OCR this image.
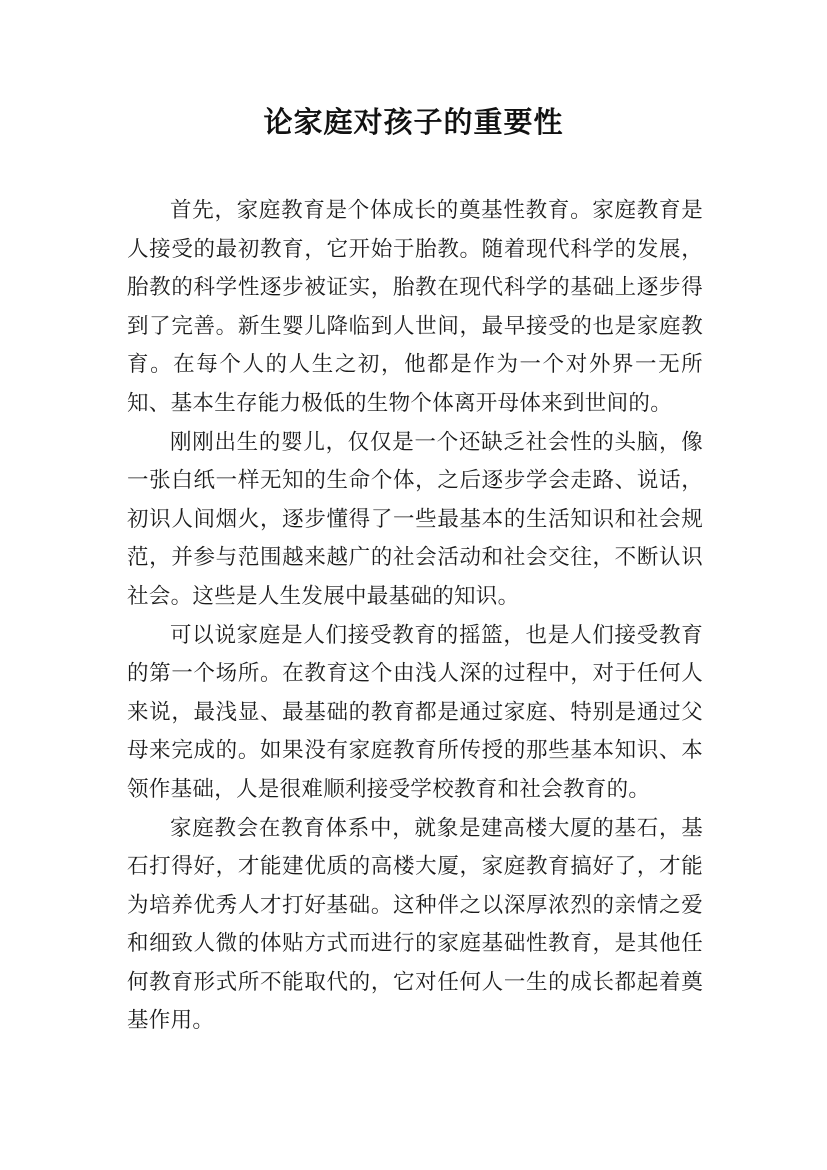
论家庭对孩子的重要性

首先，家庭教育是个体成长的奠基性教育。家庭教育是人接受的最初教育，它开始于胎教。随着现代科学的发展，胎教的科学性逐步被证实，胎教在现代科学的基础上逐步得到了完善。新生婴儿降临到人世间，最早接受的也是家庭教育。在每个人的人生之初，他都是作为一个对外界一无所知、基本生存能力极低的生物个体离开母体来到世间的。

刚刚出生的婴儿，仅仅是一个还缺乏社会性的头脑，像一张白纸一样无知的生命个体，之后逐步学会走路、说话，初识人间烟火，逐步懂得了一些最基本的生活知识和社会规范，并参与范围越来越广的社会活动和社会交往，不断认识社会。这些是人生发展中最基础的知识。

可以说家庭是人们接受教育的摇篮，也是人们接受教育的第一个场所。在教育这个由浅人深的过程中，对于任何人来说，最浅显、最基础的教育都是通过家庭、特别是通过父母来完成的。如果没有家庭教育所传授的那些基本知识、本领作基础，人是很难顺利接受学校教育和社会教育的。

家庭教会在教育体系中，就象是建高楼大厦的基石，基石打得好，才能建优质的高楼大厦，家庭教育搞好了，才能为培养优秀人才打好基础。这种伴之以深厚浓烈的亲情之爱和细致人微的体贴方式而进行的家庭基础性教育，是其他任何教育形式所不能取代的，它对任何人一生的成长都起着奠基作用。
